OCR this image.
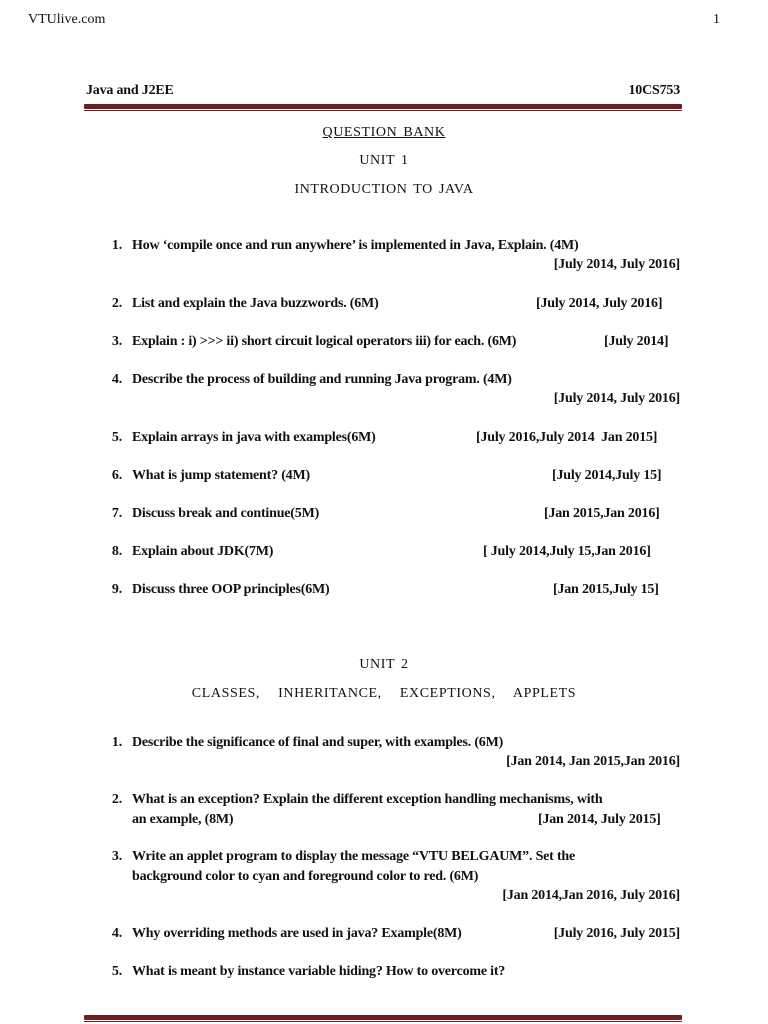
VTUlive.com	1
Java and J2EE	10CS753
QUESTION BANK
UNIT 1
INTRODUCTION TO JAVA
1. How ‘compile once and run anywhere’ is implemented in Java, Explain. (4M)
[July 2014, July 2016]
2. List and explain the Java buzzwords. (6M)	[July 2014, July 2016]
3. Explain : i) >>> ii) short circuit logical operators iii) for each. (6M)	[July 2014]
4. Describe the process of building and running Java program. (4M)
[July 2014, July 2016]
5. Explain arrays in java with examples(6M)	[July 2016,July 2014  Jan 2015]
6. What is jump statement? (4M)	[July 2014,July 15]
7. Discuss break and continue(5M)	[Jan 2015,Jan 2016]
8. Explain about JDK(7M)	[ July 2014,July 15,Jan 2016]
9. Discuss three OOP principles(6M)	[Jan 2015,July 15]
UNIT 2
CLASSES, INHERITANCE, EXCEPTIONS, APPLETS
1. Describe the significance of final and super, with examples. (6M)
[Jan 2014, Jan 2015,Jan 2016]
2. What is an exception? Explain the different exception handling mechanisms, with
an example, (8M)	[Jan 2014, July 2015]
3. Write an applet program to display the message “VTU BELGAUM”. Set the
background color to cyan and foreground color to red. (6M)
[Jan 2014,Jan 2016, July 2016]
4. Why overriding methods are used in java? Example(8M)	[July 2016, July 2015]
5. What is meant by instance variable hiding? How to overcome it?
